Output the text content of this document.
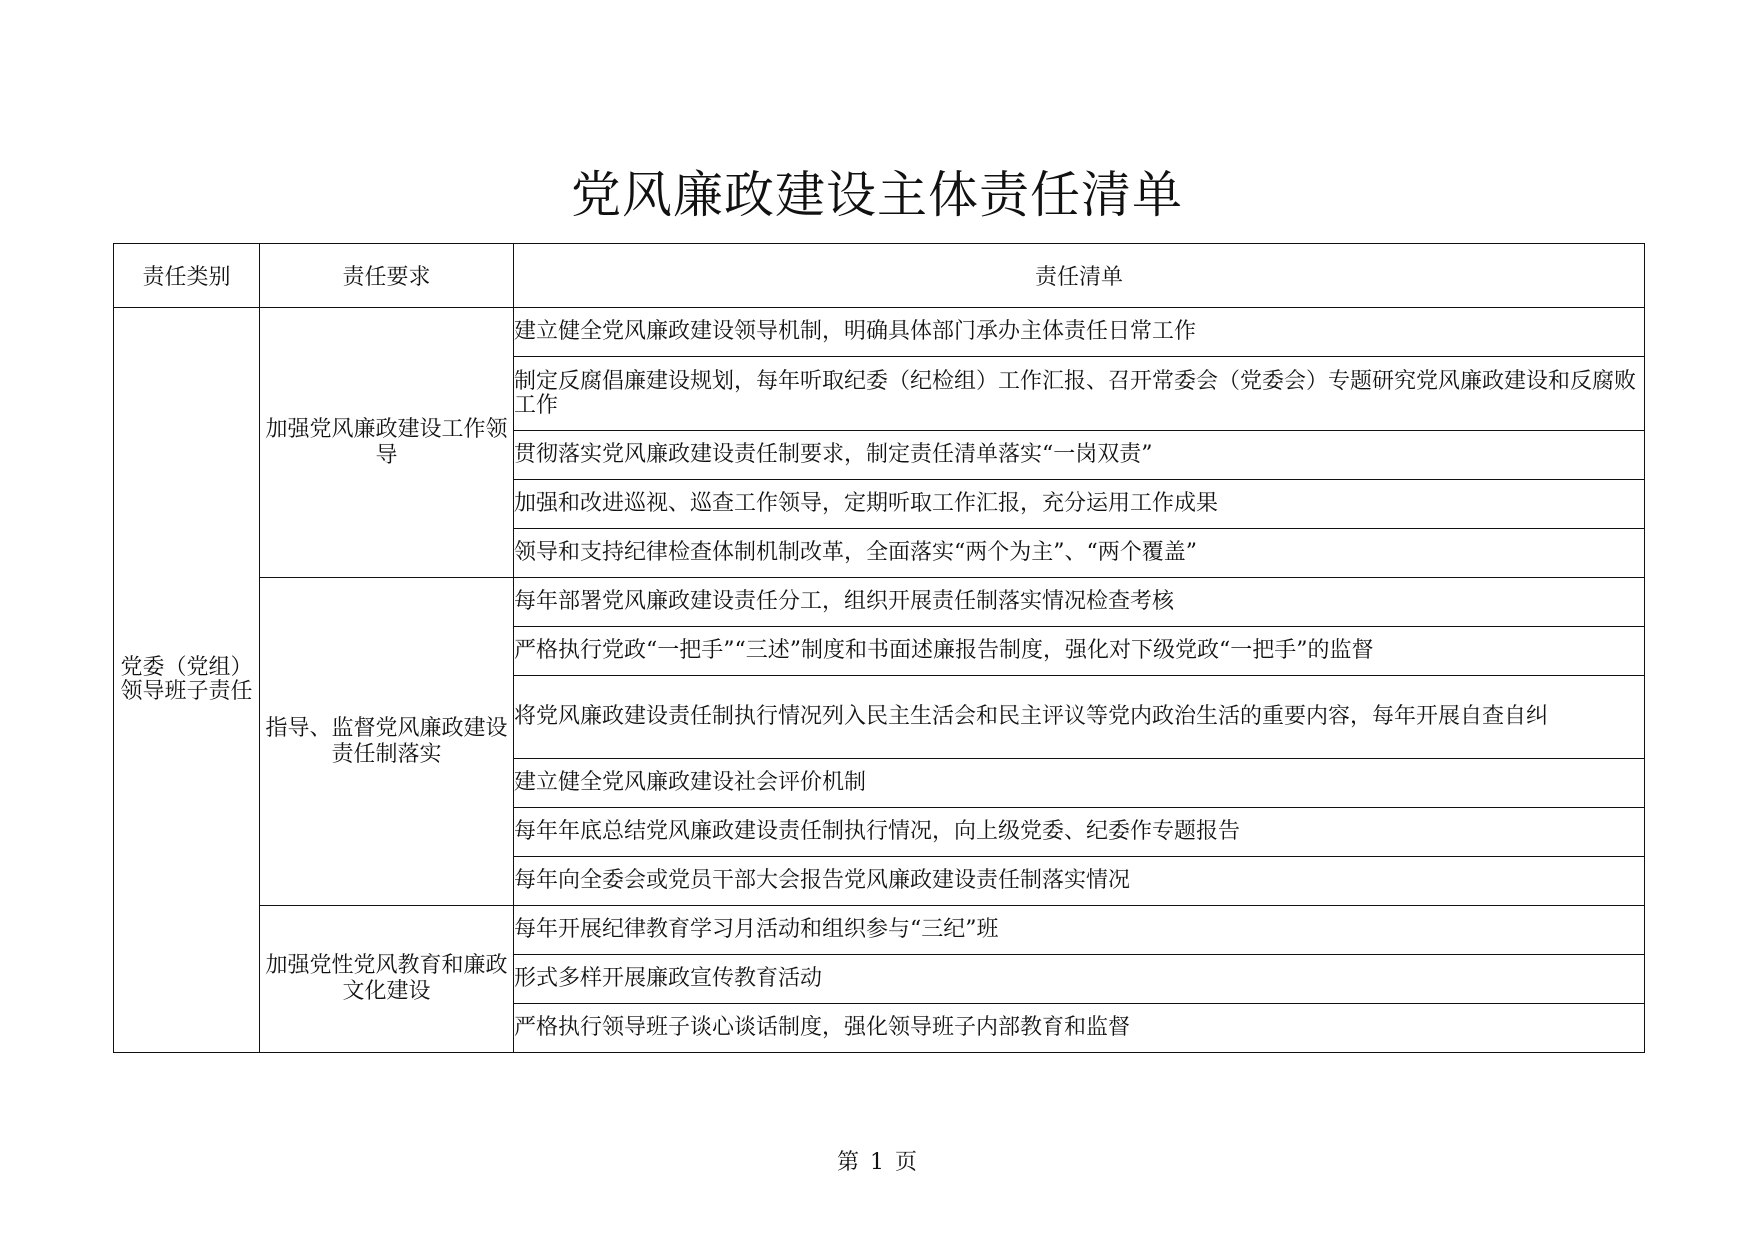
党风廉政建设主体责任清单
责任类别	责任要求	责任清单
党委（党组）领导班子责任	加强党风廉政建设工作领导	建立健全党风廉政建设领导机制，明确具体部门承办主体责任日常工作
		制定反腐倡廉建设规划，每年听取纪委（纪检组）工作汇报、召开常委会（党委会）专题研究党风廉政建设和反腐败工作
		贯彻落实党风廉政建设责任制要求，制定责任清单落实“一岗双责”
		加强和改进巡视、巡查工作领导，定期听取工作汇报，充分运用工作成果
		领导和支持纪律检查体制机制改革，全面落实“两个为主”、“两个覆盖”
	指导、监督党风廉政建设责任制落实	每年部署党风廉政建设责任分工，组织开展责任制落实情况检查考核
		严格执行党政“一把手”“三述”制度和书面述廉报告制度，强化对下级党政“一把手”的监督
		将党风廉政建设责任制执行情况列入民主生活会和民主评议等党内政治生活的重要内容，每年开展自查自纠
		建立健全党风廉政建设社会评价机制
		每年年底总结党风廉政建设责任制执行情况，向上级党委、纪委作专题报告
		每年向全委会或党员干部大会报告党风廉政建设责任制落实情况
	加强党性党风教育和廉政文化建设	每年开展纪律教育学习月活动和组织参与“三纪”班
		形式多样开展廉政宣传教育活动
		严格执行领导班子谈心谈话制度，强化领导班子内部教育和监督
第 1 页
